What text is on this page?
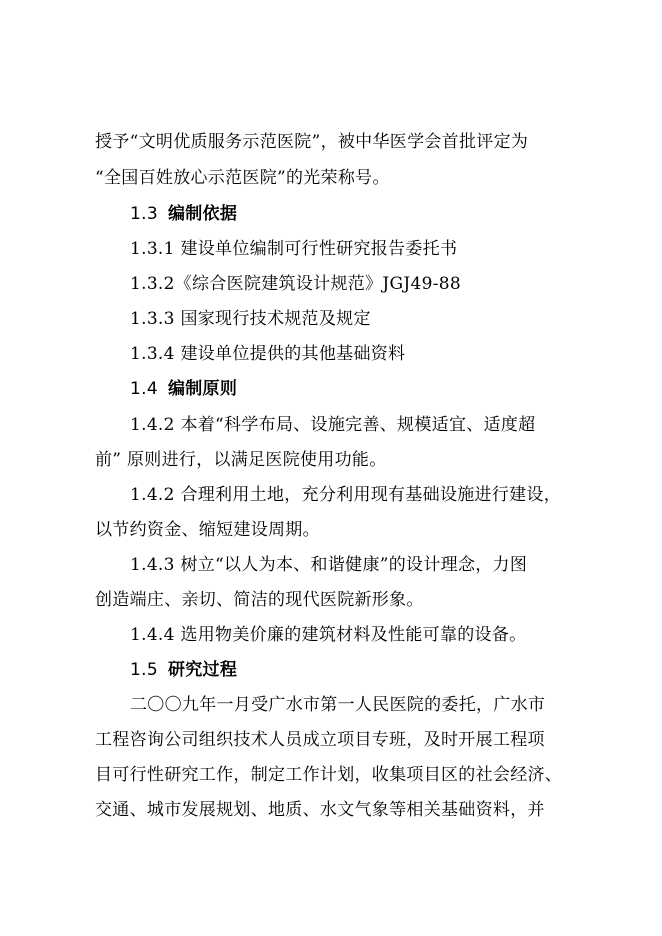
授予“文明优质服务示范医院”，被中华医学会首批评定为
“全国百姓放心示范医院”的光荣称号。
1.3 编制依据
1.3.1 建设单位编制可行性研究报告委托书
1.3.2《综合医院建筑设计规范》JGJ49-88
1.3.3 国家现行技术规范及规定
1.3.4 建设单位提供的其他基础资料
1.4 编制原则
1.4.2 本着“科学布局、设施完善、规模适宜、适度超
前” 原则进行，以满足医院使用功能。
1.4.2 合理利用土地，充分利用现有基础设施进行建设，
以节约资金、缩短建设周期。
1.4.3 树立“以人为本、和谐健康”的设计理念，力图
创造端庄、亲切、简洁的现代医院新形象。
1.4.4 选用物美价廉的建筑材料及性能可靠的设备。
1.5 研究过程
二〇〇九年一月受广水市第一人民医院的委托，广水市
工程咨询公司组织技术人员成立项目专班，及时开展工程项
目可行性研究工作，制定工作计划，收集项目区的社会经济、
交通、城市发展规划、地质、水文气象等相关基础资料，并
